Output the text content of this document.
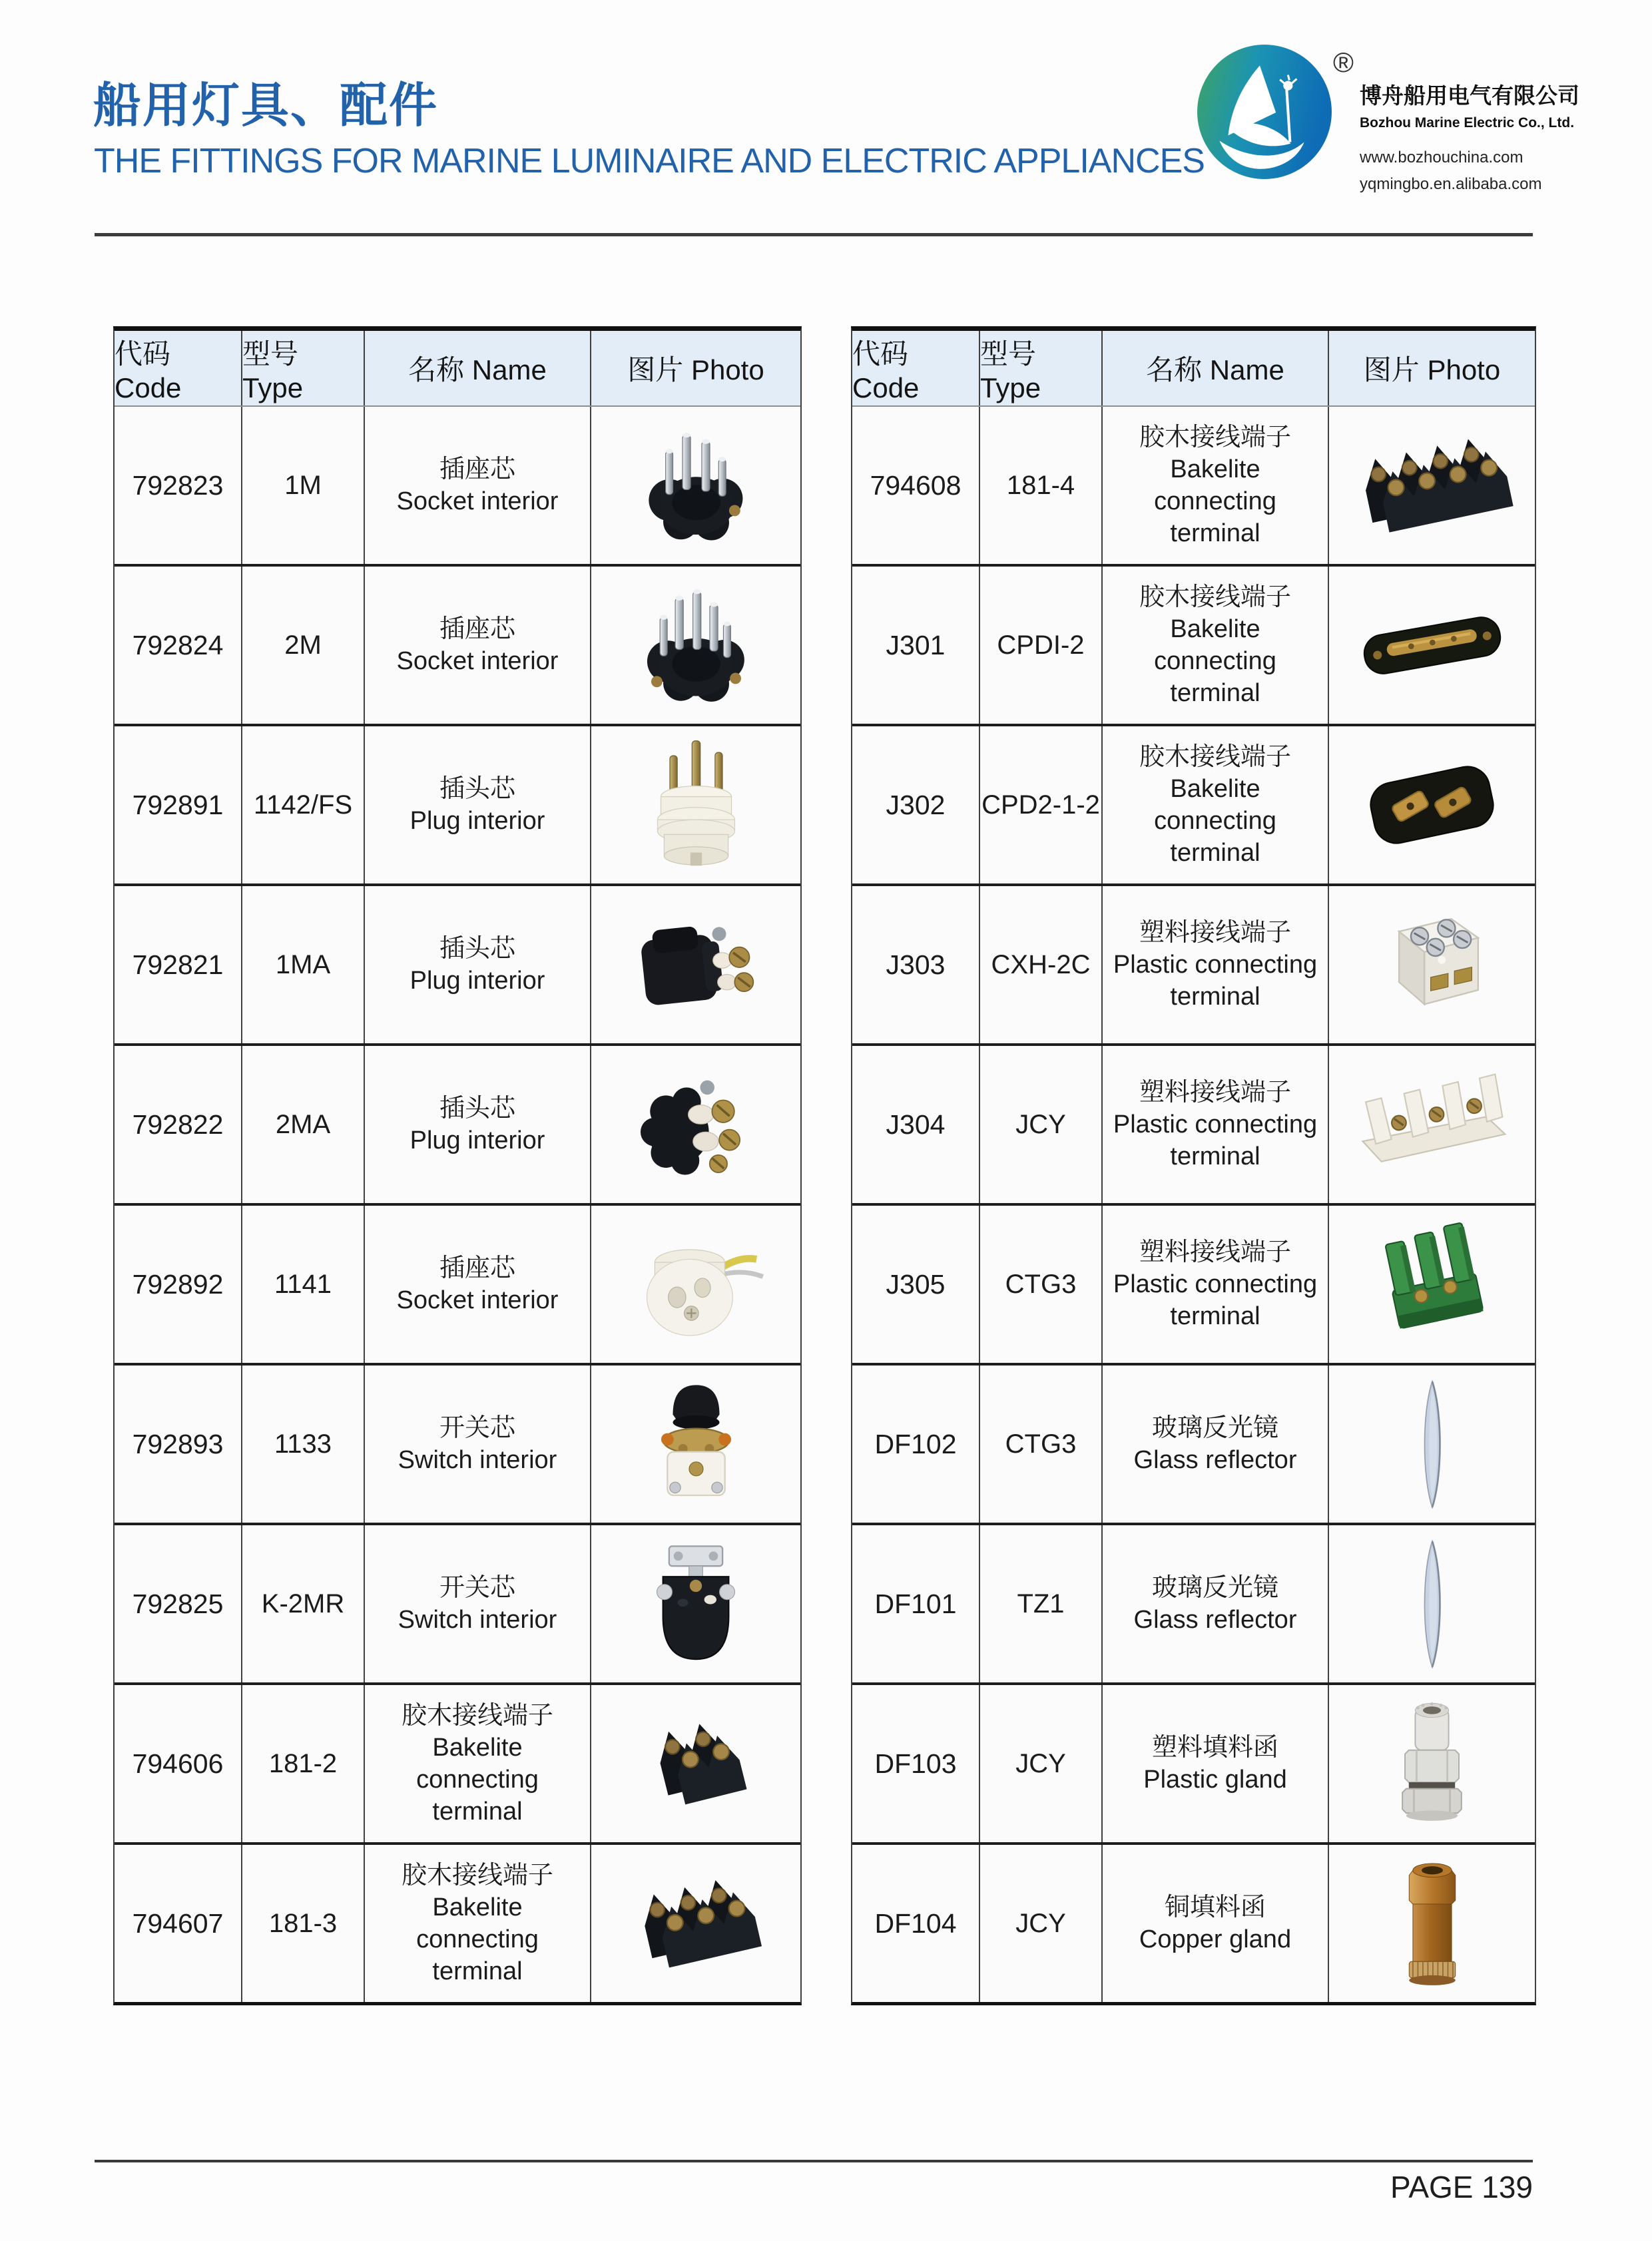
船用灯具、配件
THE FITTINGS FOR MARINE LUMINAIRE AND ELECTRIC APPLIANCES
®
博舟船用电气有限公司
Bozhou Marine Electric Co., Ltd.
www.bozhouchina.com
yqmingbo.en.alibaba.com
代码 Code
型号 Type
名称 Name	图片 Photo
792823 1M
插座芯
Socket interior
792824 2M
插座芯
Socket interior
792891 1142/FS
插头芯
Plug interior
792821 1MA
插头芯
Plug interior
792822 2MA
插头芯
Plug interior
792892 1141
插座芯
Socket interior
792893 1133
开关芯
Switch interior
792825 K-2MR
开关芯
Switch interior
794606 181-2
胶木接线端子
Bakelite connecting terminal
794607 181-3
胶木接线端子
Bakelite connecting terminal
代码 Code
型号 Type
名称 Name	图片 Photo
794608 181-4
胶木接线端子
Bakelite connecting terminal
J301 CPDI-2
胶木接线端子
Bakelite connecting terminal
J302 CPD2-1-2
胶木接线端子
Bakelite connecting terminal
J303 CXH-2C
塑料接线端子
Plastic connecting terminal
J304	JCY
塑料接线端子
Plastic connecting terminal
J305 CTG3
塑料接线端子
Plastic connecting terminal
DF102 CTG3
玻璃反光镜
Glass reflector
DF101 TZ1
玻璃反光镜
Glass reflector
DF103 JCY
塑料填料函
Plastic gland
DF104 JCY
铜填料函
Copper gland
PAGE 139
